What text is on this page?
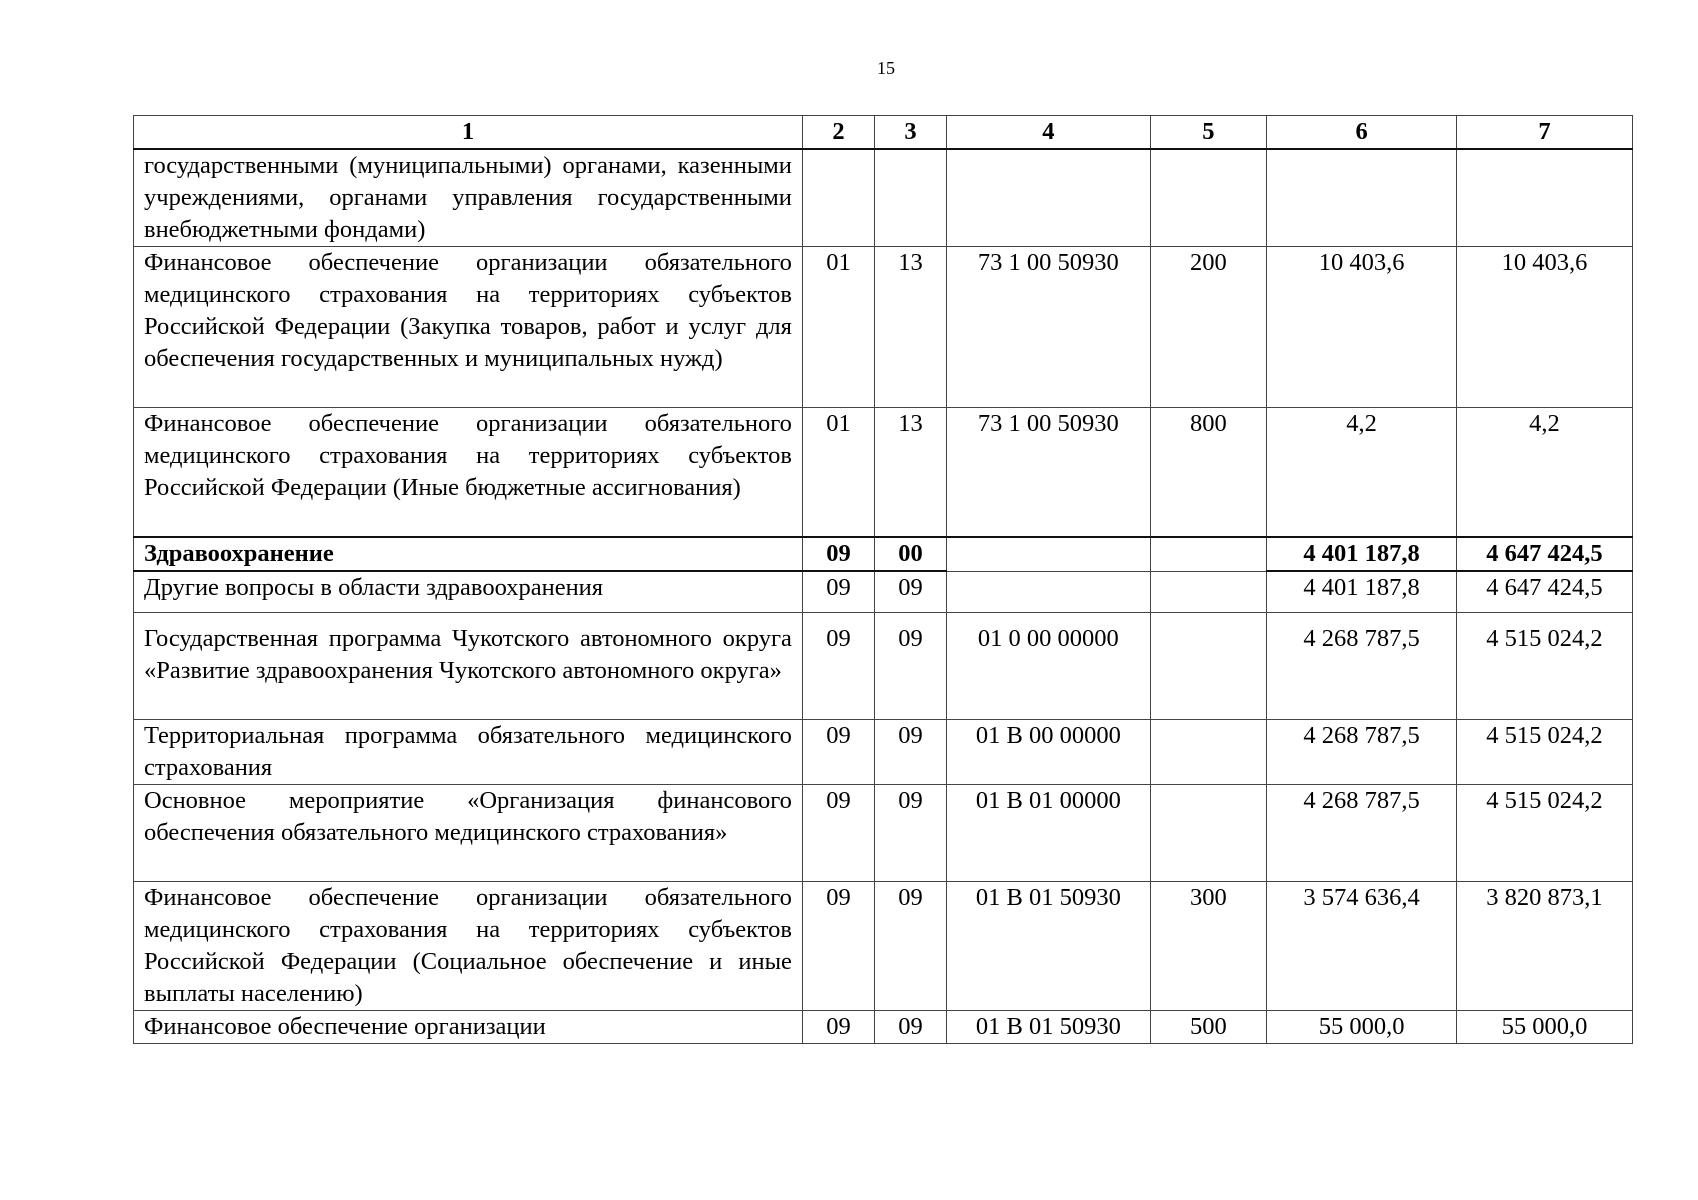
15
1	2	3	4	5	6	7
государственными (муниципальными) органами, казенными учреждениями, органами управления государственными внебюджетными фондами)						
Финансовое обеспечение организации обязательного медицинского страхования на территориях субъектов Российской Федерации (Закупка товаров, работ и услуг для обеспечения государственных и муниципальных нужд)	01	13	73 1 00 50930	200	10 403,6	10 403,6
Финансовое обеспечение организации обязательного медицинского страхования на территориях субъектов Российской Федерации (Иные бюджетные ассигнования)	01	13	73 1 00 50930	800	4,2	4,2
Здравоохранение	09	00			4 401 187,8	4 647 424,5
Другие вопросы в области здравоохранения	09	09			4 401 187,8	4 647 424,5
Государственная программа Чукотского автономного округа «Развитие здравоохранения Чукотского автономного округа»	09	09	01 0 00 00000		4 268 787,5	4 515 024,2
Территориальная программа обязательного медицинского страхования	09	09	01 В 00 00000		4 268 787,5	4 515 024,2
Основное мероприятие «Организация финансового обеспечения обязательного медицинского страхования»	09	09	01 В 01 00000		4 268 787,5	4 515 024,2
Финансовое обеспечение организации обязательного медицинского страхования на территориях субъектов Российской Федерации (Социальное обеспечение и иные выплаты населению)	09	09	01 В 01 50930	300	3 574 636,4	3 820 873,1
Финансовое обеспечение организации	09	09	01 В 01 50930	500	55 000,0	55 000,0
